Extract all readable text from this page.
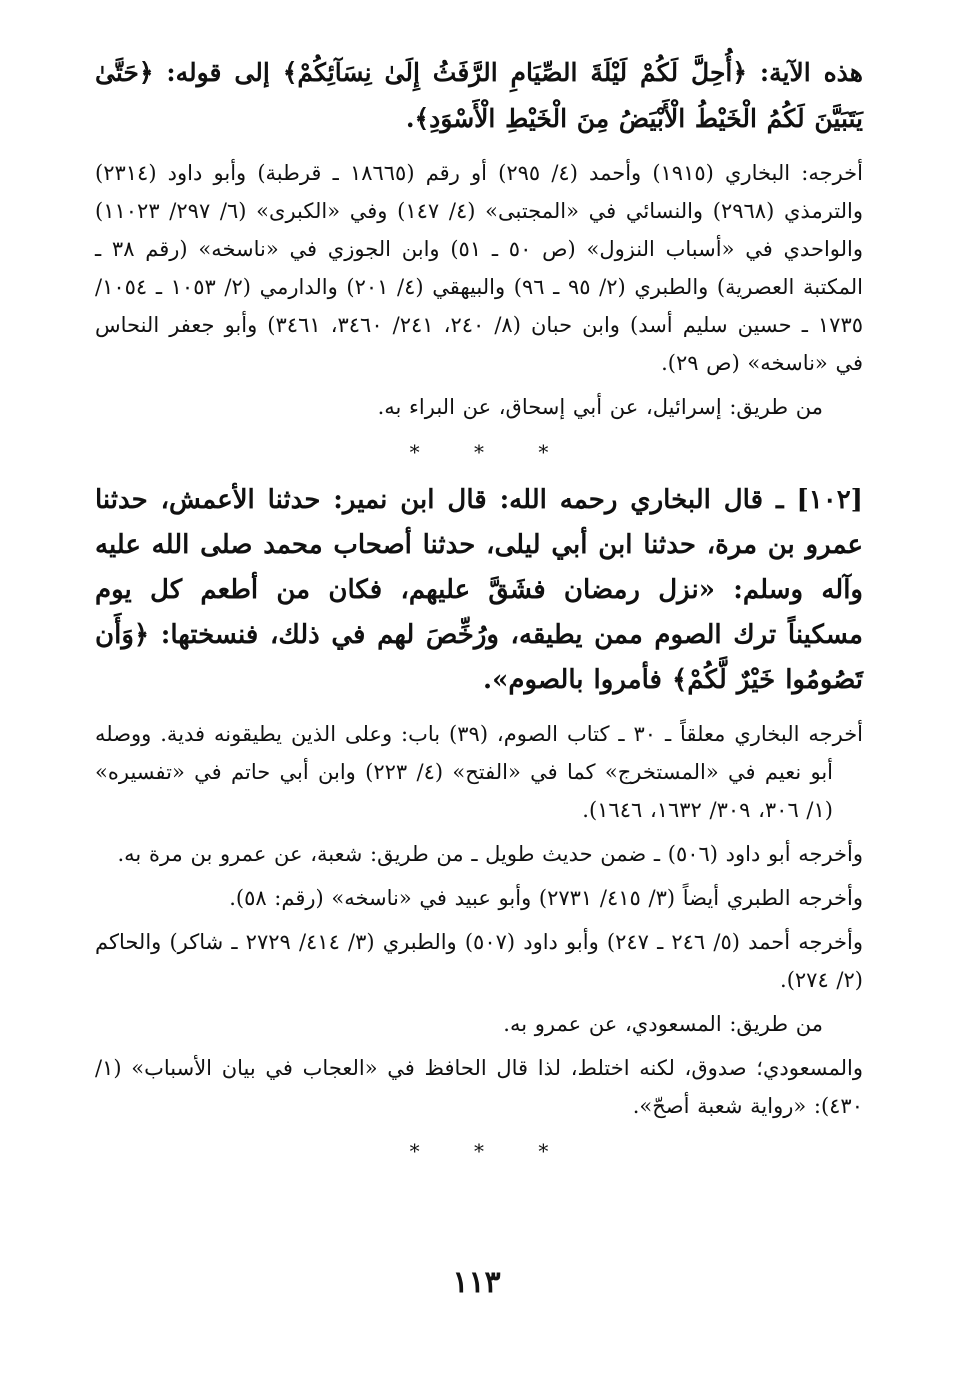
هذه الآية: ﴿أُحِلَّ لَكُمْ لَيْلَةَ الصِّيَامِ الرَّفَثُ إِلَىٰ نِسَآئِكُمْ﴾ إلى قوله: ﴿حَتَّىٰ يَتَبَيَّنَ لَكُمُ الْخَيْطُ الْأَبْيَضُ مِنَ الْخَيْطِ الْأَسْوَدِ﴾.

أخرجه: البخاري (١٩١٥) وأحمد (٤/ ٢٩٥) أو رقم (١٨٦٦٥ ـ قرطبة) وأبو داود (٢٣١٤) والترمذي (٢٩٦٨) والنسائي في «المجتبى» (٤/ ١٤٧) وفي «الكبرى» (٦/ ٢٩٧/ ١١٠٢٣) والواحدي في «أسباب النزول» (ص ٥٠ ـ ٥١) وابن الجوزي في «ناسخه» (رقم ٣٨ ـ المكتبة العصرية) والطبري (٢/ ٩٥ ـ ٩٦) والبيهقي (٤/ ٢٠١) والدارمي (٢/ ١٠٥٣ ـ ١٠٥٤/ ١٧٣٥ ـ حسين سليم أسد) وابن حبان (٨/ ٢٤٠، ٢٤١/ ٣٤٦٠، ٣٤٦١) وأبو جعفر النحاس في «ناسخه» (ص ٢٩).

من طريق: إسرائيل، عن أبي إسحاق، عن البراء به.

* * *

[١٠٢] ـ قال البخاري رحمه الله: قال ابن نمير: حدثنا الأعمش، حدثنا عمرو بن مرة، حدثنا ابن أبي ليلى، حدثنا أصحاب محمد صلى الله عليه وآله وسلم: «نزل رمضان فشَقَّ عليهم، فكان من أطعم كل يوم مسكيناً ترك الصوم ممن يطيقه، ورُخِّصَ لهم في ذلك، فنسختها: ﴿وَأَن تَصُومُوا خَيْرٌ لَّكُمْ﴾ فأمروا بالصوم».

أخرجه البخاري معلقاً ـ ٣٠ ـ كتاب الصوم، (٣٩) باب: وعلى الذين يطيقونه فدية. ووصله أبو نعيم في «المستخرج» كما في «الفتح» (٤/ ٢٢٣) وابن أبي حاتم في «تفسيره» (١/ ٣٠٦، ٣٠٩/ ١٦٣٢، ١٦٤٦).

وأخرجه أبو داود (٥٠٦) ـ ضمن حديث طويل ـ من طريق: شعبة، عن عمرو بن مرة به.

وأخرجه الطبري أيضاً (٣/ ٤١٥/ ٢٧٣١) وأبو عبيد في «ناسخه» (رقم: ٥٨).

وأخرجه أحمد (٥/ ٢٤٦ ـ ٢٤٧) وأبو داود (٥٠٧) والطبري (٣/ ٤١٤/ ٢٧٢٩ ـ شاكر) والحاكم (٢/ ٢٧٤).

من طريق: المسعودي، عن عمرو به.

والمسعودي؛ صدوق، لكنه اختلط، لذا قال الحافظ في «العجاب في بيان الأسباب» (١/ ٤٣٠): «رواية شعبة أصحّ».

* * *
١١٣
